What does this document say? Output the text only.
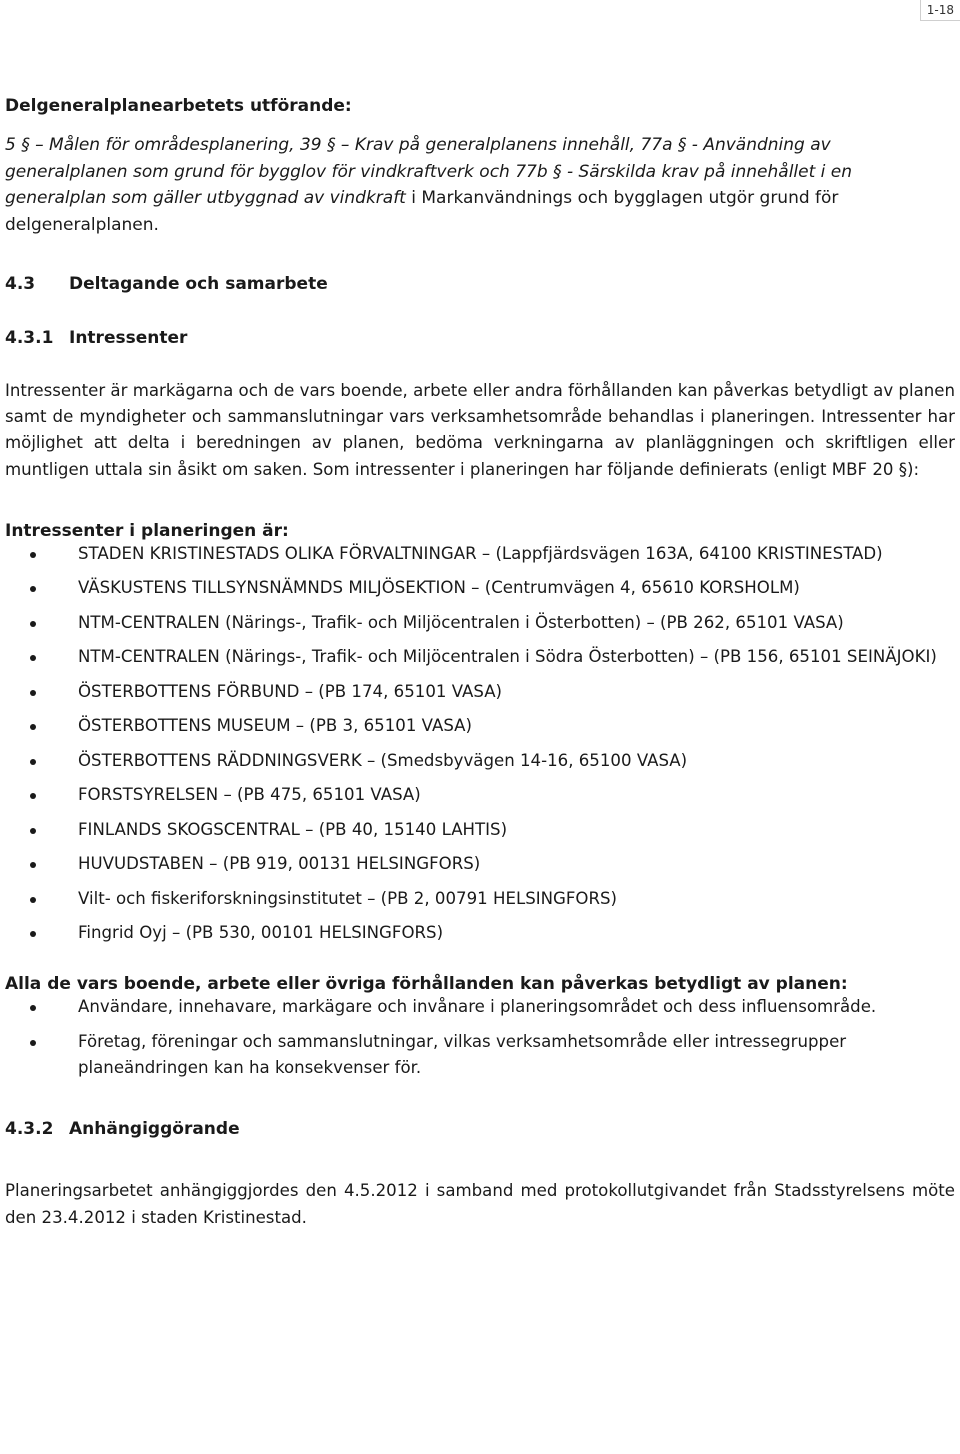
1-18

Delgeneralplanearbetets utförande:

5 § – Målen för områdesplanering, 39 § – Krav på generalplanens innehåll, 77a § - Användning av generalplanen som grund för bygglov för vindkraftverk och 77b § - Särskilda krav på innehållet i en generalplan som gäller utbyggnad av vindkraft i Markanvändnings och bygglagen utgör grund för delgeneralplanen.

4.3	Deltagande och samarbete
4.3.1 Intressenter

Intressenter är markägarna och de vars boende, arbete eller andra förhållanden kan påverkas betydligt av planen samt de myndigheter och sammanslutningar vars verksamhetsområde behandlas i planeringen. Intressenter har möjlighet att delta i beredningen av planen, bedöma verkningarna av planläggningen och skriftligen eller muntligen uttala sin åsikt om saken. Som intressenter i planeringen har följande definierats (enligt MBF 20 §):

Intressenter i planeringen är:

STADEN KRISTINESTADS OLIKA FÖRVALTNINGAR – (Lappfjärdsvägen 163A, 64100 KRISTINESTAD)
VÄSKUSTENS TILLSYNSNÄMNDS MILJÖSEKTION – (Centrumvägen 4, 65610 KORSHOLM)
NTM-CENTRALEN (Närings-, Trafik- och Miljöcentralen i Österbotten) – (PB 262, 65101 VASA)
NTM-CENTRALEN (Närings-, Trafik- och Miljöcentralen i Södra Österbotten) – (PB 156, 65101 SEINÄJOKI)
ÖSTERBOTTENS FÖRBUND – (PB 174, 65101 VASA)
ÖSTERBOTTENS MUSEUM – (PB 3, 65101 VASA)
ÖSTERBOTTENS RÄDDNINGSVERK – (Smedsbyvägen 14-16, 65100 VASA)
FORSTSYRELSEN – (PB 475, 65101 VASA)
FINLANDS SKOGSCENTRAL – (PB 40, 15140 LAHTIS)
HUVUDSTABEN – (PB 919, 00131 HELSINGFORS)
Vilt- och fiskeriforskningsinstitutet – (PB 2, 00791 HELSINGFORS)
Fingrid Oyj – (PB 530, 00101 HELSINGFORS)

Alla de vars boende, arbete eller övriga förhållanden kan påverkas betydligt av planen:

Användare, innehavare, markägare och invånare i planeringsområdet och dess influensområde.
Företag, föreningar och sammanslutningar, vilkas verksamhetsområde eller intressegrupper planeändringen kan ha konsekvenser för.
4.3.2 Anhängiggörande

Planeringsarbetet anhängiggjordes den 4.5.2012 i samband med protokollutgivandet från Stadsstyrelsens möte den 23.4.2012 i staden Kristinestad.
